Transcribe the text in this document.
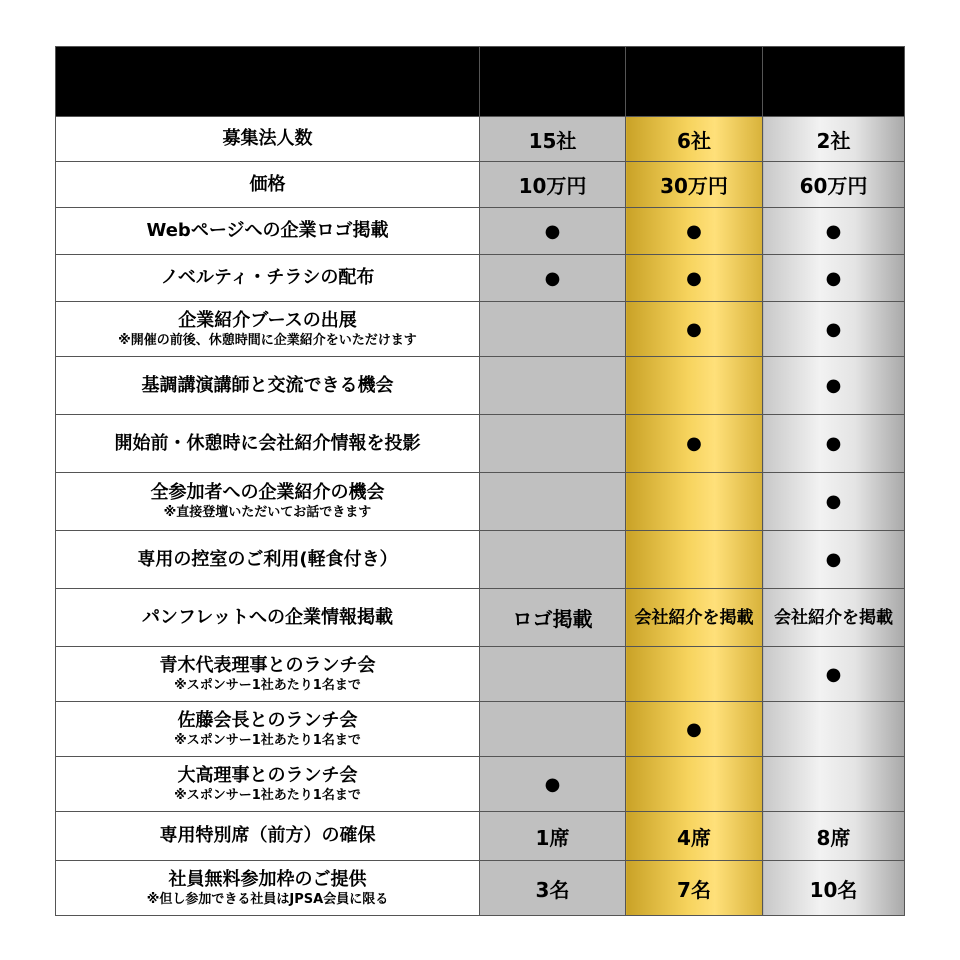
コンベンション2024スポンサー特典	シルバー	ゴールド	プラチナ
募集法人数	15社	6社	2社
価格	10万円	30万円	60万円
Webページへの企業ロゴ掲載	●	●	●
ノベルティ・チラシの配布	●	●	●
企業紹介ブースの出展
※開催の前後、休憩時間に企業紹介をいただけます		●	●
基調講演講師と交流できる機会			●
開始前・休憩時に会社紹介情報を投影		●	●
全参加者への企業紹介の機会
※直接登壇いただいてお話できます			●
専用の控室のご利用(軽食付き）			●
パンフレットへの企業情報掲載	ロゴ掲載	会社紹介を掲載	会社紹介を掲載
青木代表理事とのランチ会
※スポンサー1社あたり1名まで			●
佐藤会長とのランチ会
※スポンサー1社あたり1名まで		●	
大高理事とのランチ会
※スポンサー1社あたり1名まで	●		
専用特別席（前方）の確保	1席	4席	8席
社員無料参加枠のご提供
※但し参加できる社員はJPSA会員に限る	3名	7名	10名
